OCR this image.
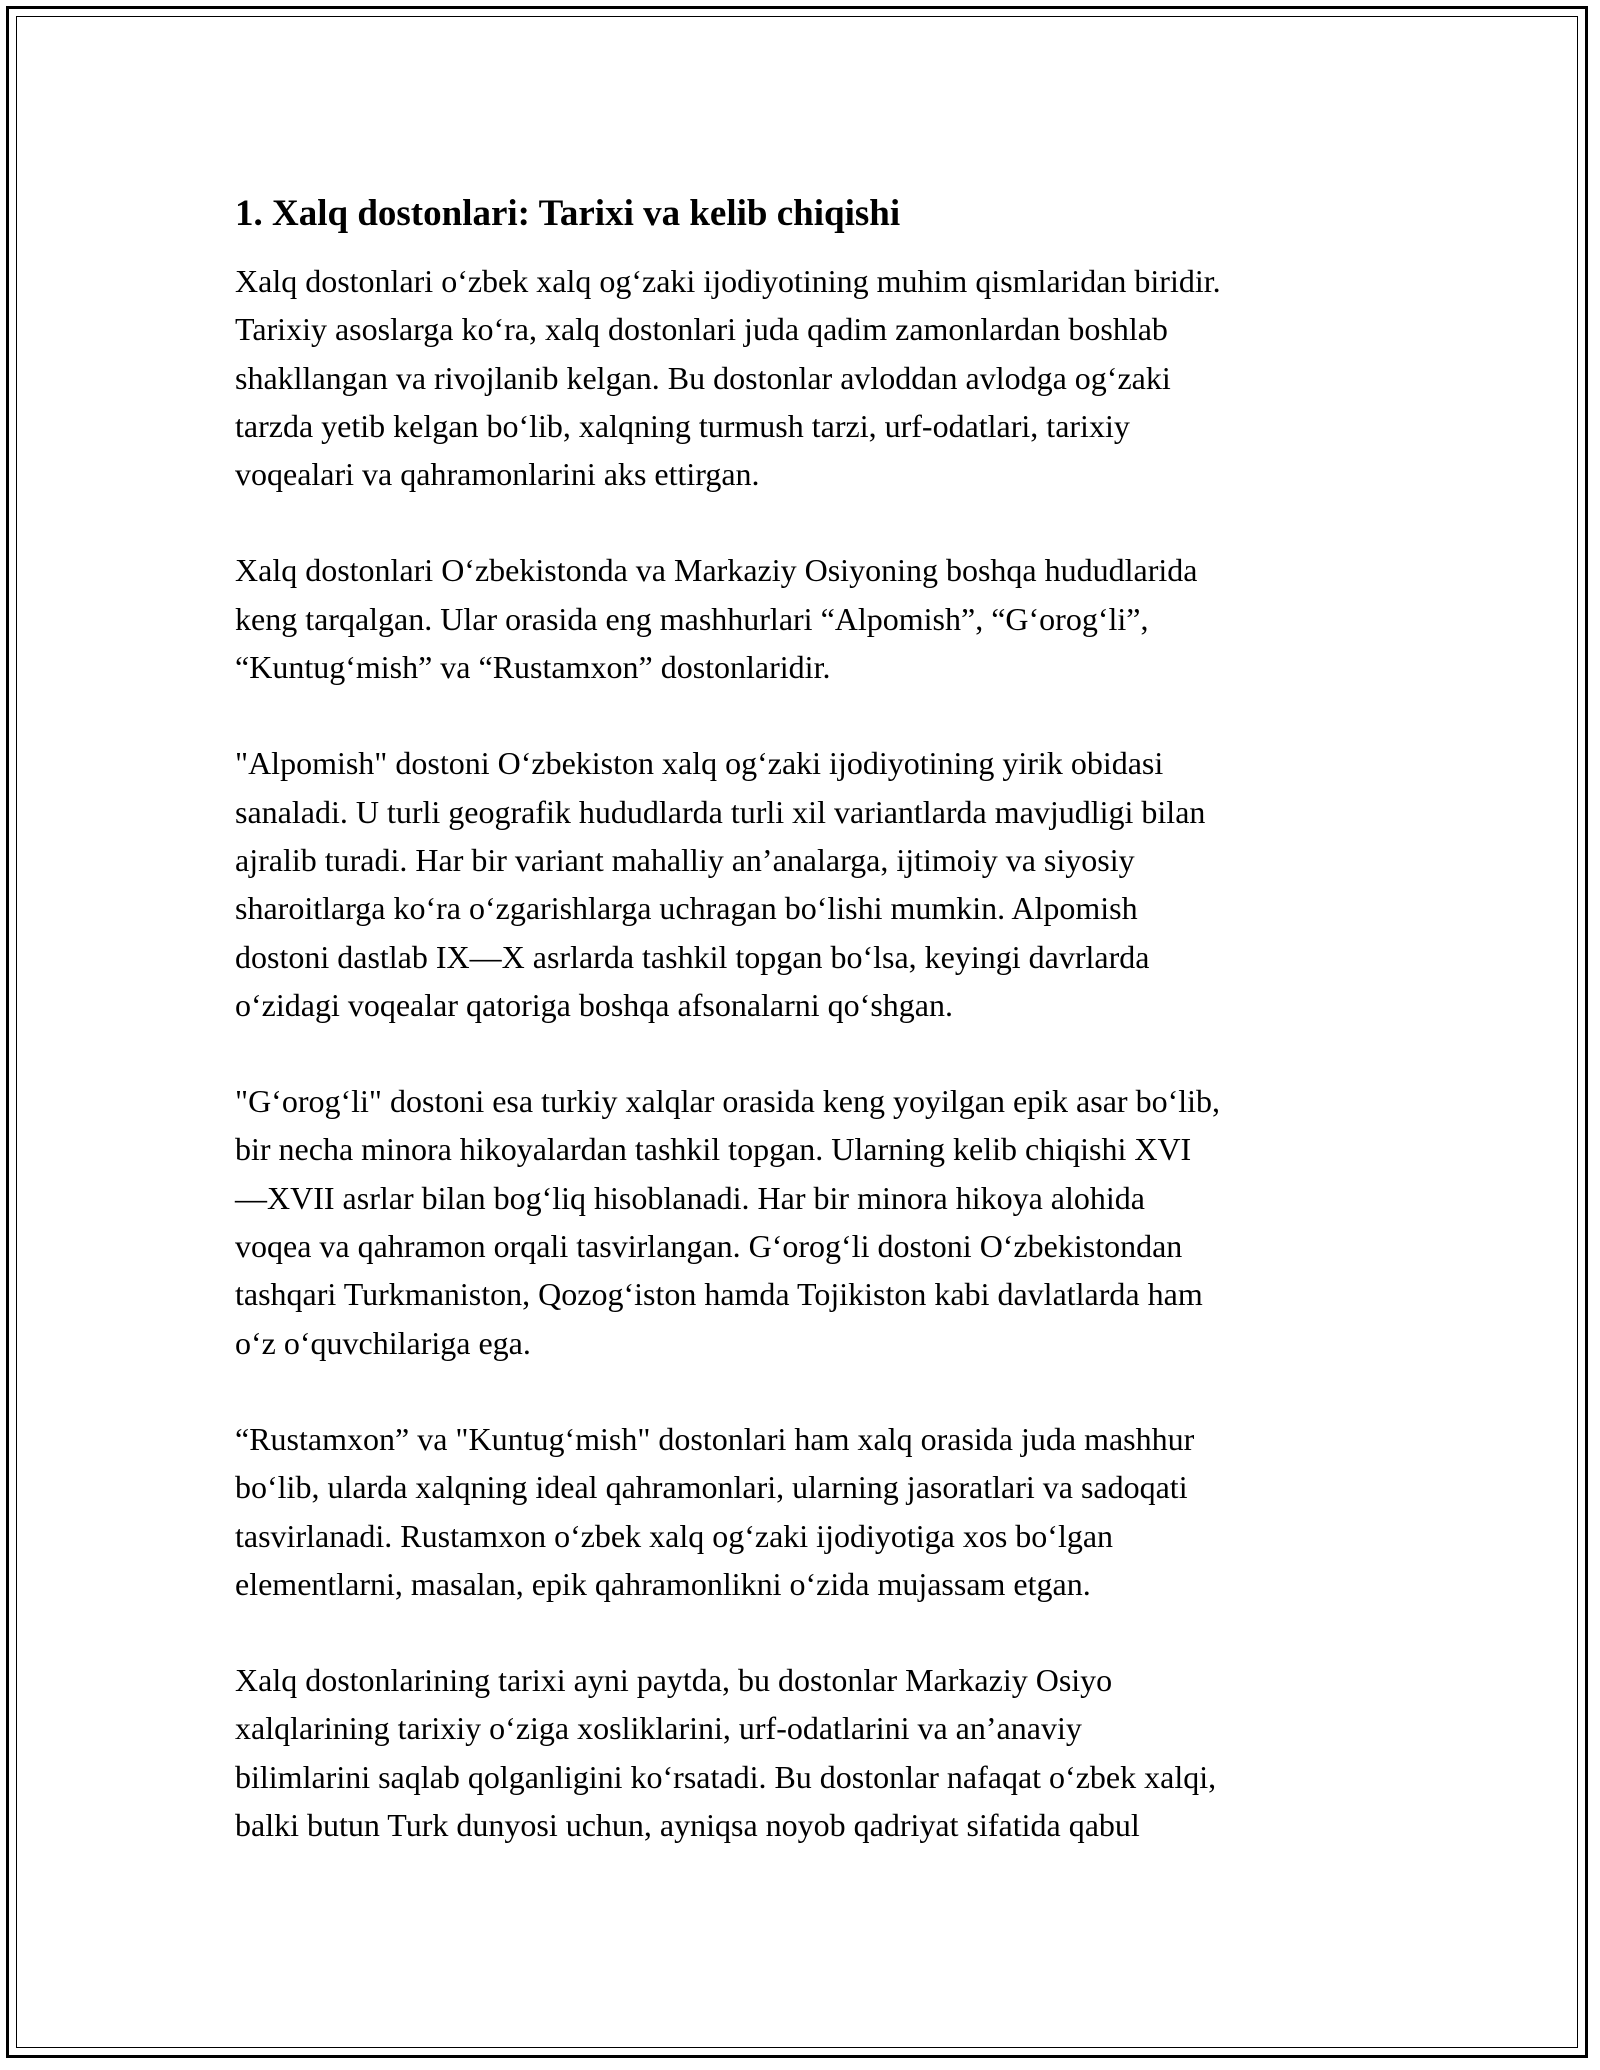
1. Xalq dostonlari: Tarixi va kelib chiqishi

Xalq dostonlari o‘zbek xalq og‘zaki ijodiyotining muhim qismlaridan biridir.
Tarixiy asoslarga ko‘ra, xalq dostonlari juda qadim zamonlardan boshlab
shakllangan va rivojlanib kelgan. Bu dostonlar avloddan avlodga og‘zaki
tarzda yetib kelgan bo‘lib, xalqning turmush tarzi, urf-odatlari, tarixiy
voqealari va qahramonlarini aks ettirgan.

Xalq dostonlari O‘zbekistonda va Markaziy Osiyoning boshqa hududlarida
keng tarqalgan. Ular orasida eng mashhurlari “Alpomish”, “G‘orog‘li”,
“Kuntug‘mish” va “Rustamxon” dostonlaridir.

"Alpomish" dostoni O‘zbekiston xalq og‘zaki ijodiyotining yirik obidasi
sanaladi. U turli geografik hududlarda turli xil variantlarda mavjudligi bilan
ajralib turadi. Har bir variant mahalliy an’analarga, ijtimoiy va siyosiy
sharoitlarga ko‘ra o‘zgarishlarga uchragan bo‘lishi mumkin. Alpomish
dostoni dastlab IX—X asrlarda tashkil topgan bo‘lsa, keyingi davrlarda
o‘zidagi voqealar qatoriga boshqa afsonalarni qo‘shgan.

"G‘orog‘li" dostoni esa turkiy xalqlar orasida keng yoyilgan epik asar bo‘lib,
bir necha minora hikoyalardan tashkil topgan. Ularning kelib chiqishi XVI
—XVII asrlar bilan bog‘liq hisoblanadi. Har bir minora hikoya alohida
voqea va qahramon orqali tasvirlangan. G‘orog‘li dostoni O‘zbekistondan
tashqari Turkmaniston, Qozog‘iston hamda Tojikiston kabi davlatlarda ham
o‘z o‘quvchilariga ega.

“Rustamxon” va "Kuntug‘mish" dostonlari ham xalq orasida juda mashhur
bo‘lib, ularda xalqning ideal qahramonlari, ularning jasoratlari va sadoqati
tasvirlanadi. Rustamxon o‘zbek xalq og‘zaki ijodiyotiga xos bo‘lgan
elementlarni, masalan, epik qahramonlikni o‘zida mujassam etgan.

Xalq dostonlarining tarixi ayni paytda, bu dostonlar Markaziy Osiyo
xalqlarining tarixiy o‘ziga xosliklarini, urf-odatlarini va an’anaviy
bilimlarini saqlab qolganligini ko‘rsatadi. Bu dostonlar nafaqat o‘zbek xalqi,
balki butun Turk dunyosi uchun, ayniqsa noyob qadriyat sifatida qabul
